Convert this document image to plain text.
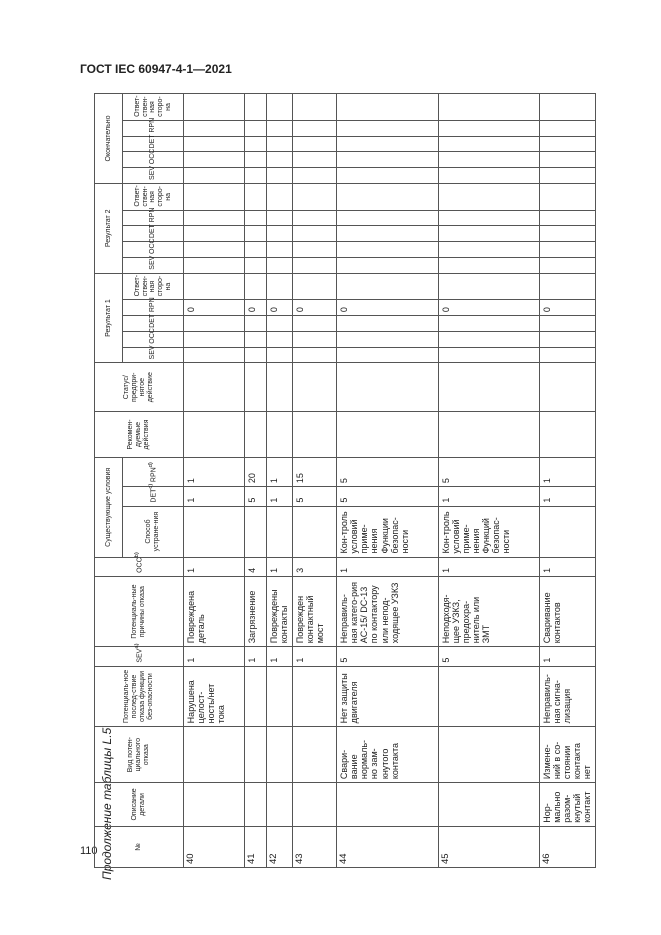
ГОСТ IEC 60947-4-1—2021
110 Продолжение таблицы L.5	№	Описание детали	Вид потен-циального отказа	Потенциаль-ное послед-ствие отказа функции без-опасности	SEV$^{a)}$	Потенциаль-ные причины отказа	OCC$^{b)}$	Существующие условия			Рекомен-дуемые действия	Статус/ предпри-нятое действие	Результат 1					Результат 2					Окончательно				
							Способ устране-ния	DET$^{c)}$	RPN$^{d)}$			SEV	OCC	DET	RPN	Ответ-ствен-ная сторо-на	SEV	OCC	DET	RPN	Ответ-ствен-ная сторо-на	SEV	OCC	DET	RPN	Ответ-ствен-ная сторо-на
40			Нарушена целост-ность/нет тока	1	Повреждена деталь	1		1	1						0											
41				1	Загрязнение	4		5	20						0											
42				1	Повреждены контакты	1		1	1						0											
43				1	Поврежден контактный мост	3		5	15						0											
44		Свари-вание нормаль-но зам-кнутого контакта	Нет защиты двигателя	5	Неправиль-ная катего-рия AC-15/ DC-13 по контактору или непод-ходящее УЗКЗ	1	Кон-троль условий приме-нения Функции безопас-ности	5	5						0											
45				5	Неподходя-щее УЗКЗ, предохра-нитель или ЗМТ	1	Кон-троль условий приме-нения Функций безопас-ности	1	5						0											
46	Нор-мально разом-кнутый контакт	Измене-ний в со-стоянии контакта нет	Неправиль-ная сигна-лизация	1	Сваривание контактов	1		1	1						0											
